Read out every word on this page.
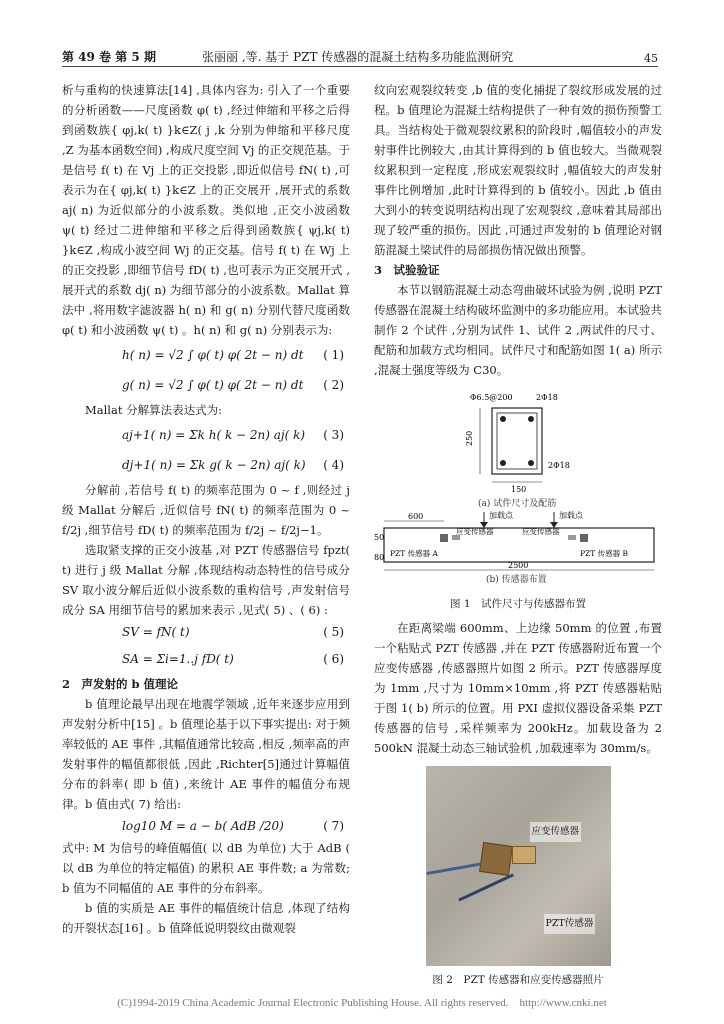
第 49 卷 第 5 期	张丽丽 ,等. 基于 PZT 传感器的混凝土结构多功能监测研究	45

析与重构的快速算法[14] ,具体内容为: 引入了一个重要的分析函数——尺度函数 φ( t) ,经过伸缩和平移之后得到函数族{ φj,k( t) }k∈Z( j ,k 分别为伸缩和平移尺度 ,Z 为基本函数空间) ,构成尺度空间 Vj 的正交规范基。于是信号 f( t) 在 Vj 上的正交投影 ,即近似信号 fN( t) ,可表示为在{ φj,k( t) }k∈Z 上的正交展开 ,展开式的系数 aj( n) 为近似部分的小波系数。类似地 ,正交小波函数 ψ( t) 经过二进伸缩和平移之后得到函数族{ ψj,k( t) }k∈Z ,构成小波空间 Wj 的正交基。信号 f( t) 在 Wj 上的正交投影 ,即细节信号 fD( t) ,也可表示为正交展开式 ,展开式的系数 dj( n) 为细节部分的小波系数。Mallat 算法中 ,将用数字滤波器 h( n) 和 g( n) 分别代替尺度函数 φ( t) 和小波函数 ψ( t) 。h( n) 和 g( n) 分别表示为:

h( n) = √2 ∫ φ( t) φ( 2t − n) dt ( 1)
g( n) = √2 ∫ φ( t) φ( 2t − n) dt ( 2)

Mallat 分解算法表达式为:

aj+1( n) = Σk h( k − 2n) aj( k) ( 3)
dj+1( n) = Σk g( k − 2n) aj( k) ( 4)

分解前 ,若信号 f( t) 的频率范围为 0 ~ f ,则经过 j 级 Mallat 分解后 ,近似信号 fN( t) 的频率范围为 0 ~ f/2j ,细节信号 fD( t) 的频率范围为 f/2j ~ f/2j−1。

选取紧支撑的正交小波基 ,对 PZT 传感器信号 fpzt( t) 进行 j 级 Mallat 分解 ,体现结构动态特性的信号成分 SV 取小波分解后近似小波系数的重构信号 ,声发射信号成分 SA 用细节信号的累加来表示 ,见式( 5) 、( 6) :

SV = fN( t)	( 5)
SA = Σi=1..j fD( t)	( 6)

2　声发射的 b 值理论

b 值理论最早出现在地震学领域 ,近年来逐步应用到声发射分析中[15] 。b 值理论基于以下事实提出: 对于频率较低的 AE 事件 ,其幅值通常比较高 ,相反 ,频率高的声发射事件的幅值都很低 ,因此 ,Richter[5]通过计算幅值分布的斜率( 即 b 值) ,来统计 AE 事件的幅值分布规律。b 值由式( 7) 给出:

log10 M = a − b( AdB /20)	( 7)

式中: M 为信号的峰值幅值( 以 dB 为单位) 大于 AdB ( 以 dB 为单位的特定幅值) 的累积 AE 事件数; a 为常数; b 值为不同幅值的 AE 事件的分布斜率。

b 值的实质是 AE 事件的幅值统计信息 ,体现了结构的开裂状态[16] 。b 值降低说明裂纹由微观裂

纹向宏观裂纹转变 ,b 值的变化捕捉了裂纹形成发展的过程。b 值理论为混凝土结构提供了一种有效的损伤预警工具。当结构处于微观裂纹累积的阶段时 ,幅值较小的声发射事件比例较大 ,由其计算得到的 b 值也较大。当微观裂纹累积到一定程度 ,形成宏观裂纹时 ,幅值较大的声发射事件比例增加 ,此时计算得到的 b 值较小。因此 ,b 值由大到小的转变说明结构出现了宏观裂纹 ,意味着其局部出现了较严重的损伤。因此 ,可通过声发射的 b 值理论对钢筋混凝土梁试件的局部损伤情况做出预警。

3　试验验证

本节以钢筋混凝土动态弯曲破坏试验为例 ,说明 PZT 传感器在混凝土结构破坏监测中的多功能应用。本试验共制作 2 个试件 ,分别为试件 1、试件 2 ,两试件的尺寸、配筋和加载方式均相同。试件尺寸和配筋如图 1( a) 所示 ,混凝土强度等级为 C30。

Φ6.5@200	2Φ18
2Φ18
250
150
(a) 试件尺寸及配筋
600
50
80
加载点	加载点
应变传感器	应变传感器
PZT 传感器 A	PZT 传感器 B
2500
(b) 传感器布置
图 1　试件尺寸与传感器布置

在距离梁端 600mm、上边缘 50mm 的位置 ,布置一个粘贴式 PZT 传感器 ,并在 PZT 传感器附近布置一个应变传感器 ,传感器照片如图 2 所示。PZT 传感器厚度为 1mm ,尺寸为 10mm×10mm ,将 PZT 传感器粘贴于图 1( b) 所示的位置。用 PXI 虚拟仪器设备采集 PZT 传感器的信号 ,采样频率为 200kHz。加载设备为 2 500kN 混凝土动态三轴试验机 ,加载速率为 30mm/s。

应变传感器
PZT传感器
图 2　PZT 传感器和应变传感器照片
(C)1994-2019 China Academic Journal Electronic Publishing House. All rights reserved.　http://www.cnki.net
